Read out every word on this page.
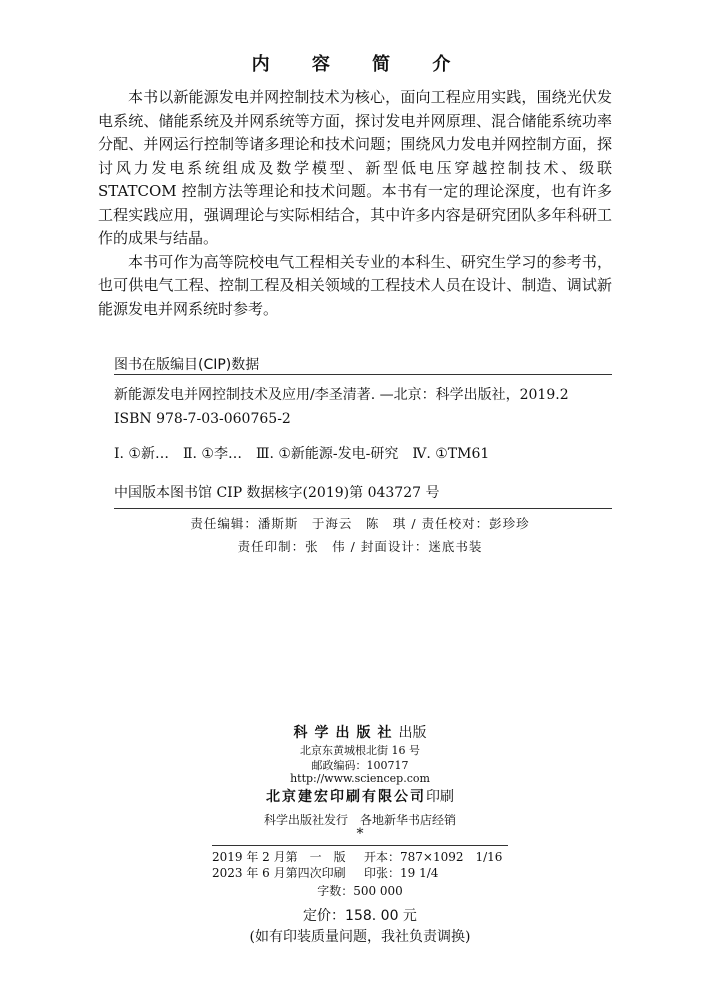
内 容 简 介

本书以新能源发电并网控制技术为核心，面向工程应用实践，围绕光伏发电系统、储能系统及并网系统等方面，探讨发电并网原理、混合储能系统功率分配、并网运行控制等诸多理论和技术问题；围绕风力发电并网控制方面，探讨风力发电系统组成及数学模型、新型低电压穿越控制技术、级联 STATCOM 控制方法等理论和技术问题。本书有一定的理论深度，也有许多工程实践应用，强调理论与实际相结合，其中许多内容是研究团队多年科研工作的成果与结晶。

本书可作为高等院校电气工程相关专业的本科生、研究生学习的参考书，也可供电气工程、控制工程及相关领域的工程技术人员在设计、制造、调试新能源发电并网系统时参考。

图书在版编目(CIP)数据
新能源发电并网控制技术及应用/李圣清著. —北京：科学出版社，2019.2
ISBN 978-7-03-060765-2
Ⅰ. ①新…　Ⅱ. ①李…　Ⅲ. ①新能源-发电-研究　Ⅳ. ①TM61
中国版本图书馆 CIP 数据核字(2019)第 043727 号
责任编辑：潘斯斯　于海云　陈　琪 / 责任校对：彭珍珍
责任印制：张　伟 / 封面设计：迷底书装
科学出版社出版
北京东黄城根北街 16 号
邮政编码：100717
http://www.sciencep.com
北京建宏印刷有限公司印刷
科学出版社发行　各地新华书店经销
*
2019 年 2 月第　一　版 开本：787×1092　1/16
2023 年 6 月第四次印刷 印张：19 1/4
字数：500 000
定价：158. 00 元
(如有印装质量问题，我社负责调换)
